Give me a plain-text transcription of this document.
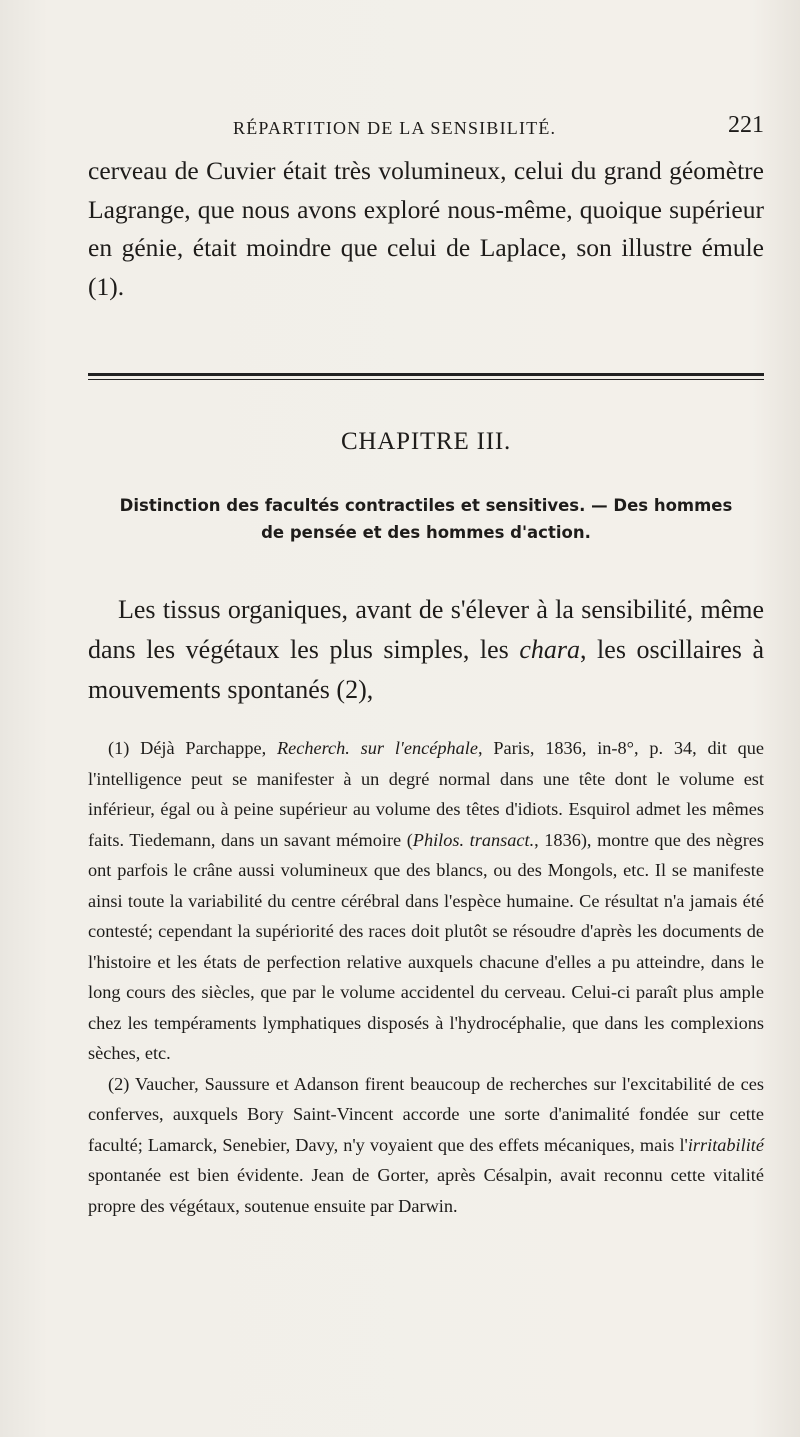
RÉPARTITION DE LA SENSIBILITÉ.	221

cerveau de Cuvier était très volumineux, celui du grand géomètre Lagrange, que nous avons exploré nous-même, quoique supérieur en génie, était moindre que celui de Laplace, son illustre émule (1).

CHAPITRE III.
Distinction des facultés contractiles et sensitives. — Des hommes
de pensée et des hommes d'action.

Les tissus organiques, avant de s'élever à la sensibilité, même dans les végétaux les plus simples, les chara, les oscillaires à mouvements spontanés (2),

(1) Déjà Parchappe, Recherch. sur l'encéphale, Paris, 1836, in-8°, p. 34, dit que l'intelligence peut se manifester à un degré normal dans une tête dont le volume est inférieur, égal ou à peine supérieur au volume des têtes d'idiots. Esquirol admet les mêmes faits. Tiedemann, dans un savant mémoire (Philos. transact., 1836), montre que des nègres ont parfois le crâne aussi volumineux que des blancs, ou des Mongols, etc. Il se manifeste ainsi toute la variabilité du centre cérébral dans l'espèce humaine. Ce résultat n'a jamais été contesté; cependant la supériorité des races doit plutôt se résoudre d'après les documents de l'histoire et les états de perfection relative auxquels chacune d'elles a pu atteindre, dans le long cours des siècles, que par le volume accidentel du cerveau. Celui-ci paraît plus ample chez les tempéraments lymphatiques disposés à l'hydrocéphalie, que dans les complexions sèches, etc.

(2) Vaucher, Saussure et Adanson firent beaucoup de recherches sur l'excitabilité de ces conferves, auxquels Bory Saint-Vincent accorde une sorte d'animalité fondée sur cette faculté; Lamarck, Senebier, Davy, n'y voyaient que des effets mécaniques, mais l'irritabilité spontanée est bien évidente. Jean de Gorter, après Césalpin, avait reconnu cette vitalité propre des végétaux, soutenue ensuite par Darwin.
